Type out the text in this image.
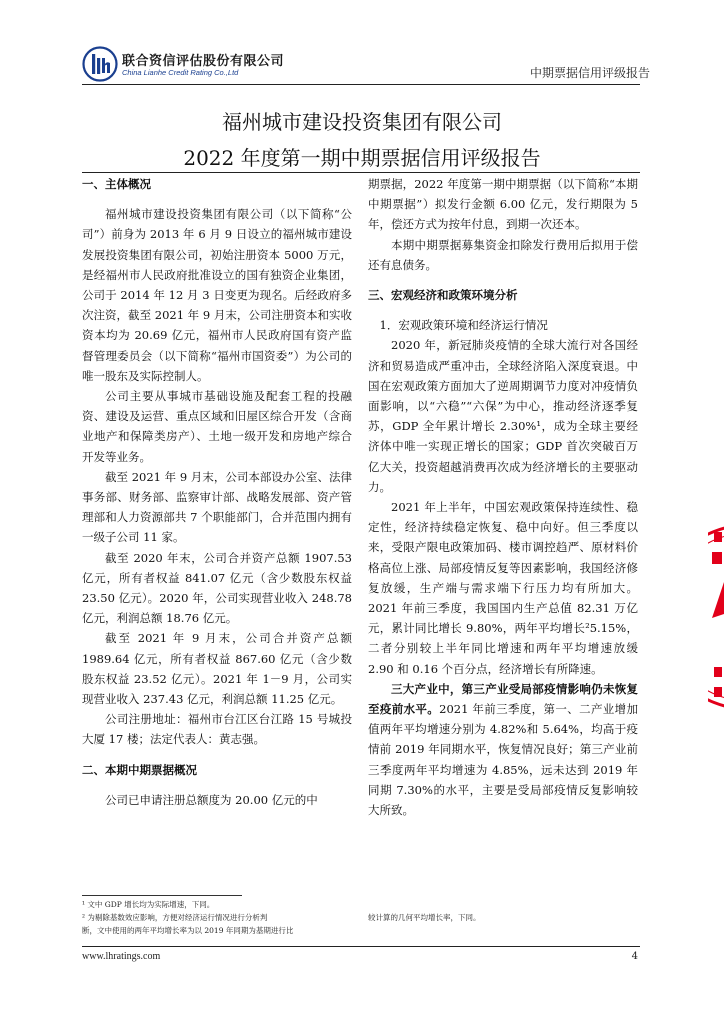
联合资信评估股份有限公司
China Lianhe Credit Rating Co.,Ltd	中期票据信用评级报告
福州城市建设投资集团有限公司
2022 年度第一期中期票据信用评级报告
一、主体概况

福州城市建设投资集团有限公司（以下简称“公司”）前身为 2013 年 6 月 9 日设立的福州城市建设发展投资集团有限公司，初始注册资本 5000 万元，是经福州市人民政府批准设立的国有独资企业集团，公司于 2014 年 12 月 3 日变更为现名。后经政府多次注资，截至 2021 年 9 月末，公司注册资本和实收资本均为 20.69 亿元，福州市人民政府国有资产监督管理委员会（以下简称“福州市国资委”）为公司的唯一股东及实际控制人。

公司主要从事城市基础设施及配套工程的投融资、建设及运营、重点区域和旧屋区综合开发（含商业地产和保障类房产）、土地一级开发和房地产综合开发等业务。

截至 2021 年 9 月末，公司本部设办公室、法律事务部、财务部、监察审计部、战略发展部、资产管理部和人力资源部共 7 个职能部门，合并范围内拥有一级子公司 11 家。

截至 2020 年末，公司合并资产总额 1907.53 亿元，所有者权益 841.07 亿元（含少数股东权益 23.50 亿元）。2020 年，公司实现营业收入 248.78 亿元，利润总额 18.76 亿元。

截至 2021 年 9 月末，公司合并资产总额 1989.64 亿元，所有者权益 867.60 亿元（含少数股东权益 23.52 亿元）。2021 年 1－9 月，公司实现营业收入 237.43 亿元，利润总额 11.25 亿元。

公司注册地址：福州市台江区台江路 15 号城投大厦 17 楼；法定代表人：黄志强。

二、本期中期票据概况

公司已申请注册总额度为 20.00 亿元的中

期票据，2022 年度第一期中期票据（以下简称“本期中期票据”）拟发行金额 6.00 亿元，发行期限为 5 年，偿还方式为按年付息，到期一次还本。

本期中期票据募集资金扣除发行费用后拟用于偿还有息债务。

三、宏观经济和政策环境分析
1．宏观政策环境和经济运行情况

2020 年，新冠肺炎疫情的全球大流行对各国经济和贸易造成严重冲击，全球经济陷入深度衰退。中国在宏观政策方面加大了逆周期调节力度对冲疫情负面影响，以“六稳”“六保”为中心，推动经济逐季复苏，GDP 全年累计增长 2.30%¹，成为全球主要经济体中唯一实现正增长的国家；GDP 首次突破百万亿大关，投资超越消费再次成为经济增长的主要驱动力。

2021 年上半年，中国宏观政策保持连续性、稳定性，经济持续稳定恢复、稳中向好。但三季度以来，受限产限电政策加码、楼市调控趋严、原材料价格高位上涨、局部疫情反复等因素影响，我国经济修复放缓，生产端与需求端下行压力均有所加大。2021 年前三季度，我国国内生产总值 82.31 万亿元，累计同比增长 9.80%，两年平均增长²5.15%，二者分别较上半年同比增速和两年平均增速放缓 2.90 和 0.16 个百分点，经济增长有所降速。

三大产业中，第三产业受局部疫情影响仍未恢复至疫前水平。2021 年前三季度，第一、二产业增加值两年平均增速分别为 4.82%和 5.64%，均高于疫情前 2019 年同期水平，恢复情况良好；第三产业前三季度两年平均增速为 4.85%，远未达到 2019 年同期 7.30%的水平，主要是受局部疫情反复影响较大所致。

¹ 文中 GDP 增长均为实际增速，下同。
² 为剔除基数效应影响，方便对经济运行情况进行分析判
断，文中使用的两年平均增长率为以 2019 年同期为基期进行比
较计算的几何平均增长率，下同。
www.lhratings.com	4
